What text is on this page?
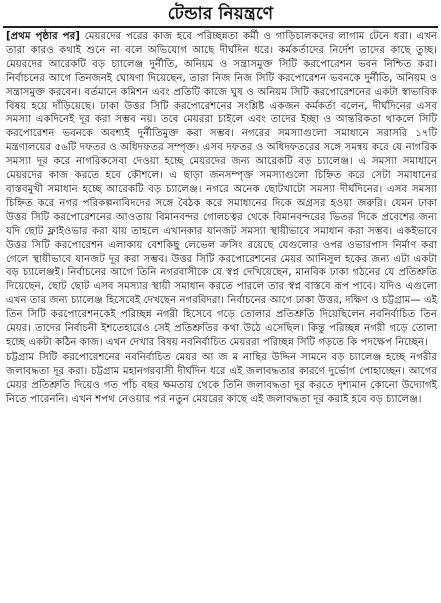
টেন্ডার নিয়ন্ত্রণে

[প্রথম পৃষ্ঠার পর] মেয়রদের পরের কাজ হবে পরিচ্ছন্নতা কর্মী ও গাড়িচালকদের লাগাম টেনে ধরা। এখন তারা কারও কথাই শুনে না বলে অভিযোগ আছে দীর্ঘদিন ধরে। কর্মকর্তাদের নির্দেশ তাদের কাছে তুচ্ছ। মেয়রদের আরেকটি বড় চ্যালেঞ্জ দুর্নীতি, অনিয়ম ও সন্ত্রাসমুক্ত সিটি করপোরেশন ভবন নিশ্চিত করা। নির্বাচনের আগে তিনজনই ঘোষণা দিয়েছেন, তারা নিজ নিজ সিটি করপোরেশন ভবনকে দুর্নীতি, অনিয়ম ও সন্ত্রাসমুক্ত করবেন। বর্তমানে কমিশন এবং প্রতিটি কাজে ঘুষ ও অনিয়ম সিটি করপোরেশনের একটা স্বাভাবিক বিষয় হয়ে দাঁড়িয়েছে। ঢাকা উত্তর সিটি করপোরেশনের সংশ্লিষ্ট একজন কর্মকর্তা বলেন, দীর্ঘদিনের এসব সমস্যা একদিনেই দূর করা সম্ভব নয়। তবে মেয়ররা চাইলে এবং তাদের ইচ্ছা ও আন্তরিকতা থাকলে সিটি করপোরেশন ভবনকে অবশ্যই দুর্নীতিমুক্ত করা সম্ভব। নগরের সমস্যাগুলো সমাধানে সরাসরি ১৭টি মন্ত্রণালয়ের ৫৬টি দফতর ও অধিদফতর সম্পৃক্ত। এসব দফতর ও অধিদফতরের সঙ্গে সমন্বয় করে যে নাগরিক সমস্যা দূর করে নাগরিকসেবা দেওয়া হচ্ছে মেয়রদের জন্য আরেকটি বড় চ্যালেঞ্জ। এ সমস্যা সমাধানে মেয়রদের কাজ করতে হবে কৌশলে। এ ছাড়া জনসম্পৃক্ত সমস্যাগুলো চিহ্নিত করে সেটা সমাধানের বাস্তবমুখী সমাধান হচ্ছে আরেকটি বড় চ্যালেঞ্জ। নগরে অনেক ছোটখাটো সমস্যা দীর্ঘদিনের। এসব সমস্যা চিহ্নিত করে নগর পরিকল্পনাবিদদের সঙ্গে বৈঠক করে সমাধানের দিকে অগ্রসর হওয়া জরুরি। যেমন ঢাকা উত্তর সিটি করপোরেশনের আওতায় বিমানবন্দর গোলচত্বর থেকে বিমানবন্দরের ভিতর দিকে প্রবেশের জন্য যদি ছোট ফ্লাইওভার করা যায় তাহলে এখানকার যানজট সমস্যা স্থায়ীভাবে সমাধান করা সম্ভব। একইভাবে উত্তর সিটি করপোরেশন এলাকায় বেশকিছু লেভেল ক্রসিং রয়েছে যেগুলোর ওপর ওভারপাস নির্মাণ করা গেলে স্থায়ীভাবে যানজট দূর করা সম্ভব। উত্তর সিটি করপোরেশনের মেয়র আনিসুল হকের জন্য এটা একটা বড় চ্যালেঞ্জই। নির্বাচনের আগে তিনি নগরবাসীকে যে স্বপ্ন দেখিয়েছেন, মানবিক ঢাকা গঠনের যে প্রতিশ্রুতি দিয়েছেন, ছোট ছোট এসব সমস্যার স্থায়ী সমাধান করতে পারলে তার স্বপ্ন বাস্তবে রূপ পাবে। যদিও এগুলো এখন তার জন্য চ্যালেঞ্জ হিসেবেই দেখছেন নগরবিদরা। নির্বাচনের আগে ঢাকা উত্তর, দক্ষিণ ও চট্টগ্রাম— এই তিন সিটি করপোরেশনকেই পরিচ্ছন্ন নগরী হিসেবে গড়ে তোলার প্রতিশ্রুতি দিয়েছিলেন নবনির্বাচিত তিন মেয়র। তাদের নির্বাচনী ইশতেহারেও সেই প্রতিশ্রুতির কথা উঠে এসেছিল। কিন্তু পরিচ্ছন্ন নগরী গড়ে তোলা হচ্ছে একটা কঠিন কাজ। এখন দেখার বিষয় নবনির্বাচিত মেয়ররা পরিচ্ছন্ন সিটি গড়তে কি পদক্ষেপ নিচ্ছেন।

চট্টগ্রাম সিটি করপোরেশনের নবনির্বাচিত মেয়র আ জ ম নাছির উদ্দিন সামনে বড় চ্যালেঞ্জ হচ্ছে নগরীর জলাবদ্ধতা দূর করা। চট্টগ্রাম মহানগরবাসী দীর্ঘদিন ধরে এই জলাবদ্ধতার কারণে দুর্ভোগ পোহাচ্ছেন। আগের মেয়র প্রতিশ্রুতি দিয়েও গত পাঁচ বছর ক্ষমতায় থেকে তিনি জলাবদ্ধতা দূর করতে দৃশ্যমান কোনো উদ্যোগই নিতে পারেননি। এখন শপথ নেওয়ার পর নতুন মেয়রের কাছে এই জলাবদ্ধতা দূর করাই হবে বড় চ্যালেঞ্জ।
